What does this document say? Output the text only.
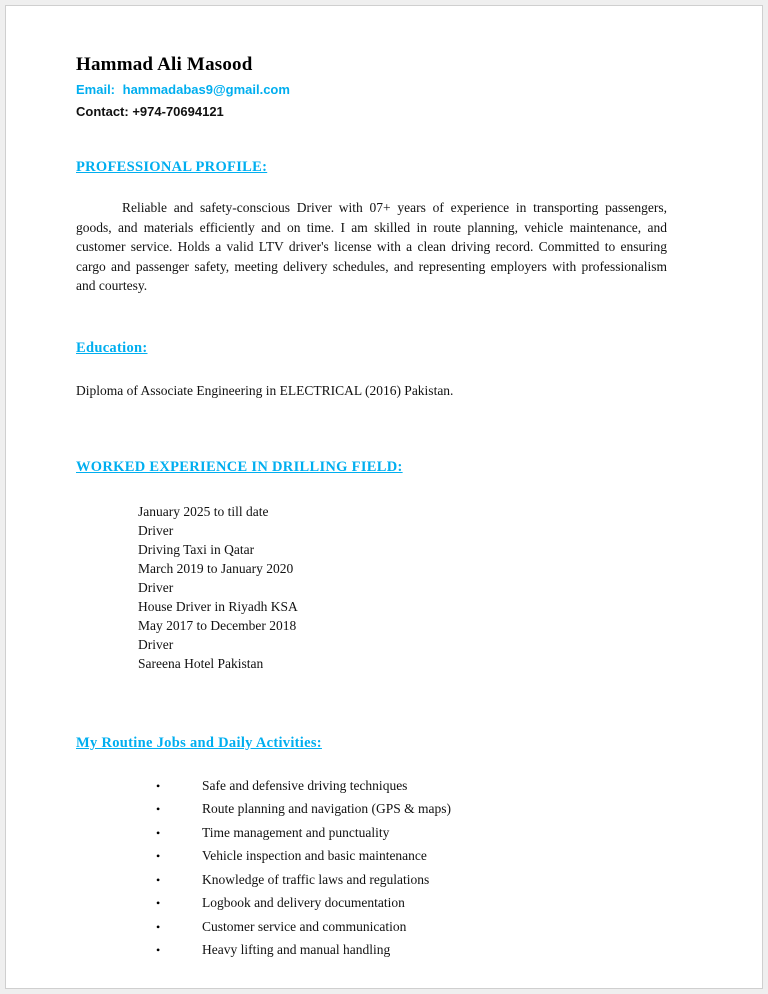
Hammad Ali Masood

Email: hammadabas9@gmail.com

Contact: +974-70694121

PROFESSIONAL PROFILE:

Reliable and safety-conscious Driver with 07+ years of experience in transporting passengers, goods, and materials efficiently and on time. I am skilled in route planning, vehicle maintenance, and customer service. Holds a valid LTV driver's license with a clean driving record. Committed to ensuring cargo and passenger safety, meeting delivery schedules, and representing employers with professionalism and courtesy.

Education:

Diploma of Associate Engineering in ELECTRICAL (2016) Pakistan.

WORKED EXPERIENCE IN DRILLING FIELD:
January 2025 to till date
Driver
Driving Taxi in Qatar
March 2019 to January 2020
Driver
House Driver in Riyadh KSA
May 2017 to December 2018
Driver
Sareena Hotel Pakistan
My Routine Jobs and Daily Activities:
•	Safe and defensive driving techniques
•	Route planning and navigation (GPS & maps)
•	Time management and punctuality
•	Vehicle inspection and basic maintenance
•	Knowledge of traffic laws and regulations
•	Logbook and delivery documentation
•	Customer service and communication
•	Heavy lifting and manual handling
